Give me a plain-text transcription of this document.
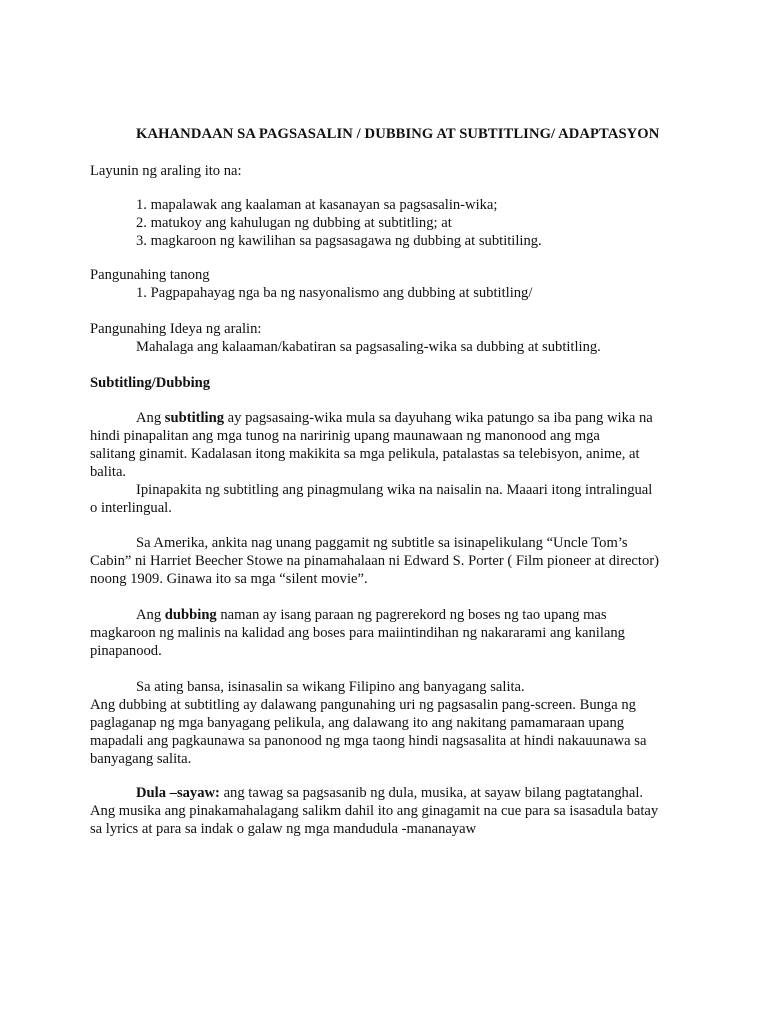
KAHANDAAN SA PAGSASALIN / DUBBING AT SUBTITLING/ ADAPTASYON
Layunin ng araling ito na:
1. mapalawak ang kaalaman at kasanayan sa pagsasalin-wika;
2. matukoy ang kahulugan ng dubbing at subtitling; at
3. magkaroon ng kawilihan sa pagsasagawa ng dubbing at subtitiling.
Pangunahing tanong
1. Pagpapahayag nga ba ng nasyonalismo ang dubbing at subtitling/
Pangunahing Ideya ng aralin:
Mahalaga ang kalaaman/kabatiran sa pagsasaling-wika sa dubbing at subtitling.
Subtitling/Dubbing
Ang subtitling ay pagsasaing-wika mula sa dayuhang wika patungo sa iba pang wika na
hindi pinapalitan ang mga tunog na naririnig upang maunawaan ng manonood ang mga
salitang ginamit. Kadalasan itong makikita sa mga pelikula, patalastas sa telebisyon, anime, at
balita.
Ipinapakita ng subtitling ang pinagmulang wika na naisalin na. Maaari itong intralingual
o interlingual.
Sa Amerika, ankita nag unang paggamit ng subtitle sa isinapelikulang “Uncle Tom’s
Cabin” ni Harriet Beecher Stowe na pinamahalaan ni Edward S. Porter ( Film pioneer at director)
noong 1909. Ginawa ito sa mga “silent movie”.
Ang dubbing naman ay isang paraan ng pagrerekord ng boses ng tao upang mas
magkaroon ng malinis na kalidad ang boses para maiintindihan ng nakararami ang kanilang
pinapanood.
Sa ating bansa, isinasalin sa wikang Filipino ang banyagang salita.
Ang dubbing at subtitling ay dalawang pangunahing uri ng pagsasalin pang-screen. Bunga ng
paglaganap ng mga banyagang pelikula, ang dalawang ito ang nakitang pamamaraan upang
mapadali ang pagkaunawa sa panonood ng mga taong hindi nagsasalita at hindi nakauunawa sa
banyagang salita.
Dula –sayaw: ang tawag sa pagsasanib ng dula, musika, at sayaw bilang pagtatanghal.
Ang musika ang pinakamahalagang salikm dahil ito ang ginagamit na cue para sa isasadula batay
sa lyrics at para sa indak o galaw ng mga mandudula -mananayaw
